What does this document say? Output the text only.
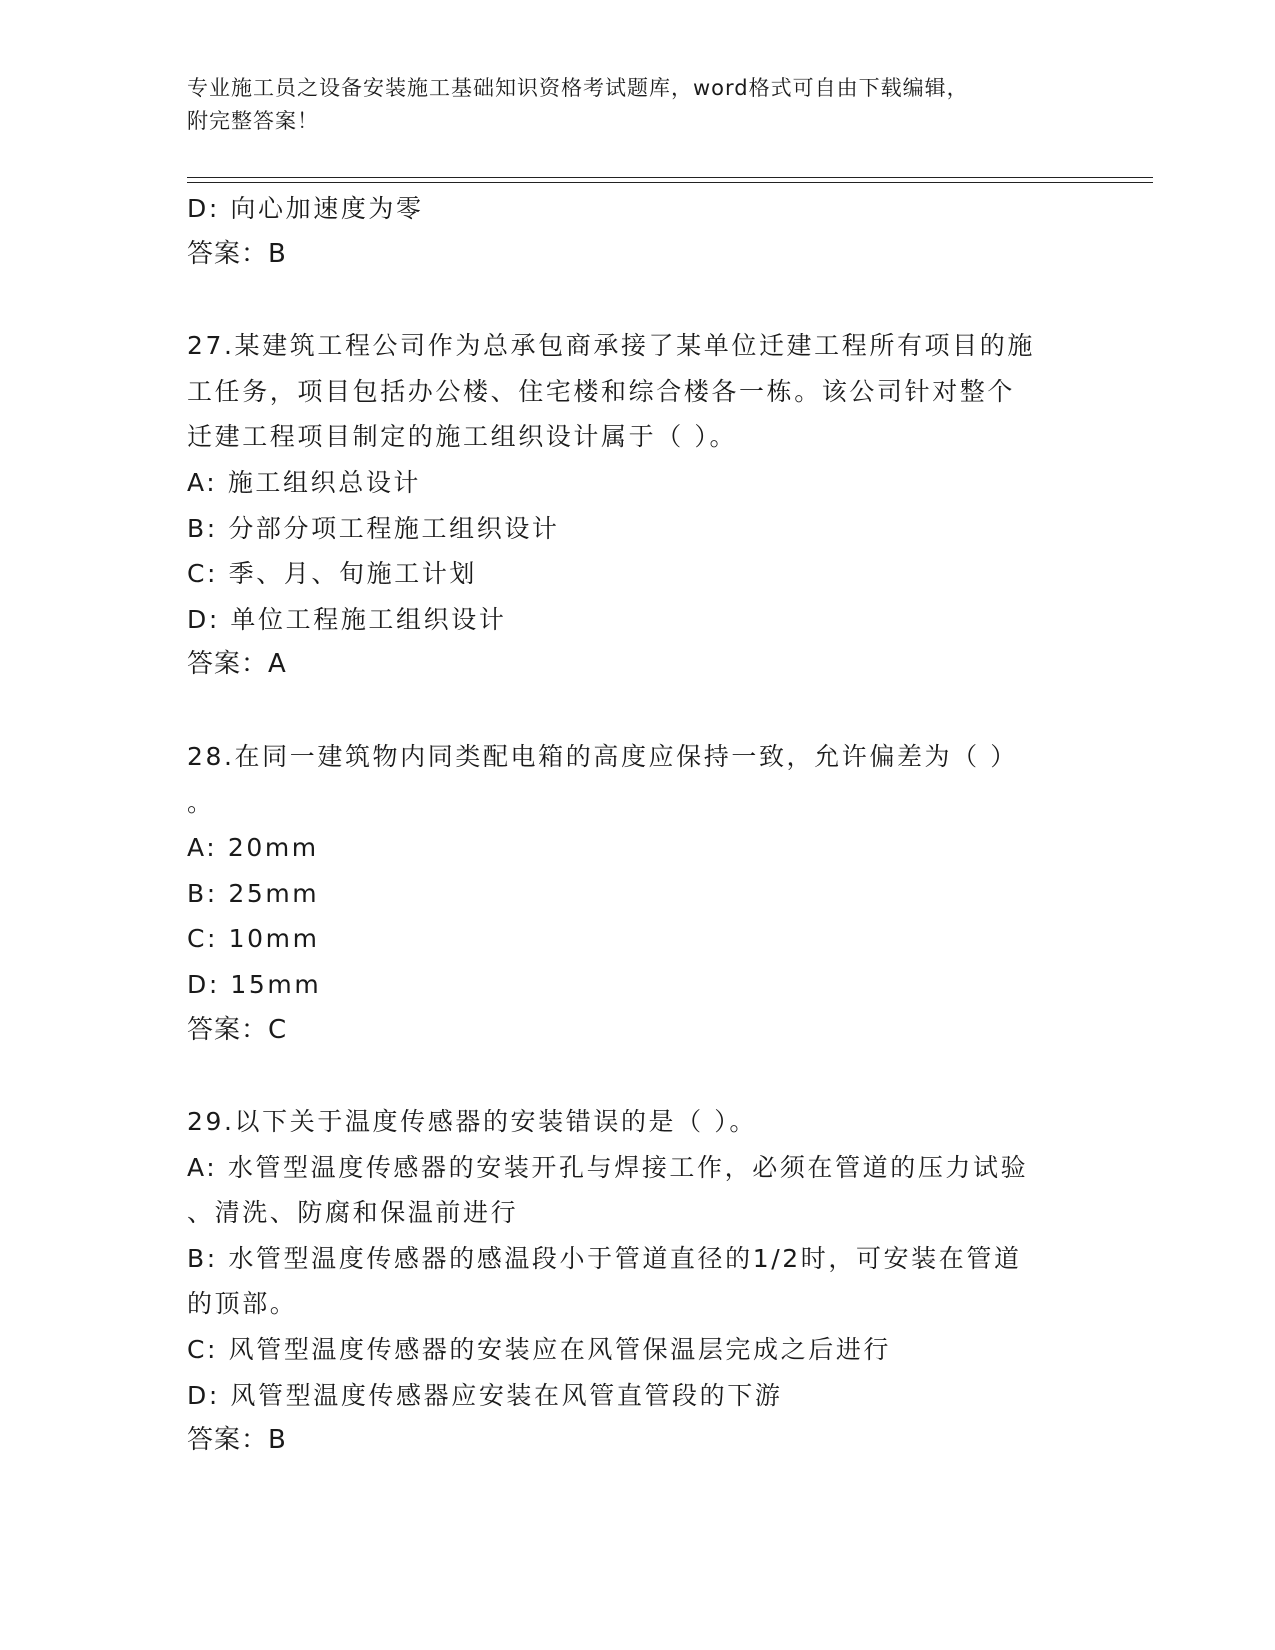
专业施工员之设备安装施工基础知识资格考试题库，word格式可自由下载编辑，
附完整答案！
D: 向心加速度为零
答案：B
27.某建筑工程公司作为总承包商承接了某单位迁建工程所有项目的施
工任务，项目包括办公楼、住宅楼和综合楼各一栋。该公司针对整个
迁建工程项目制定的施工组织设计属于（ ）。
A: 施工组织总设计
B: 分部分项工程施工组织设计
C: 季、月、旬施工计划
D: 单位工程施工组织设计
答案：A
28.在同一建筑物内同类配电箱的高度应保持一致，允许偏差为（ ）
。
A: 20mm
B: 25mm
C: 10mm
D: 15mm
答案：C
29.以下关于温度传感器的安装错误的是（ ）。
A: 水管型温度传感器的安装开孔与焊接工作，必须在管道的压力试验
、清洗、防腐和保温前进行
B: 水管型温度传感器的感温段小于管道直径的1/2时，可安装在管道
的顶部。
C: 风管型温度传感器的安装应在风管保温层完成之后进行
D: 风管型温度传感器应安装在风管直管段的下游
答案：B
